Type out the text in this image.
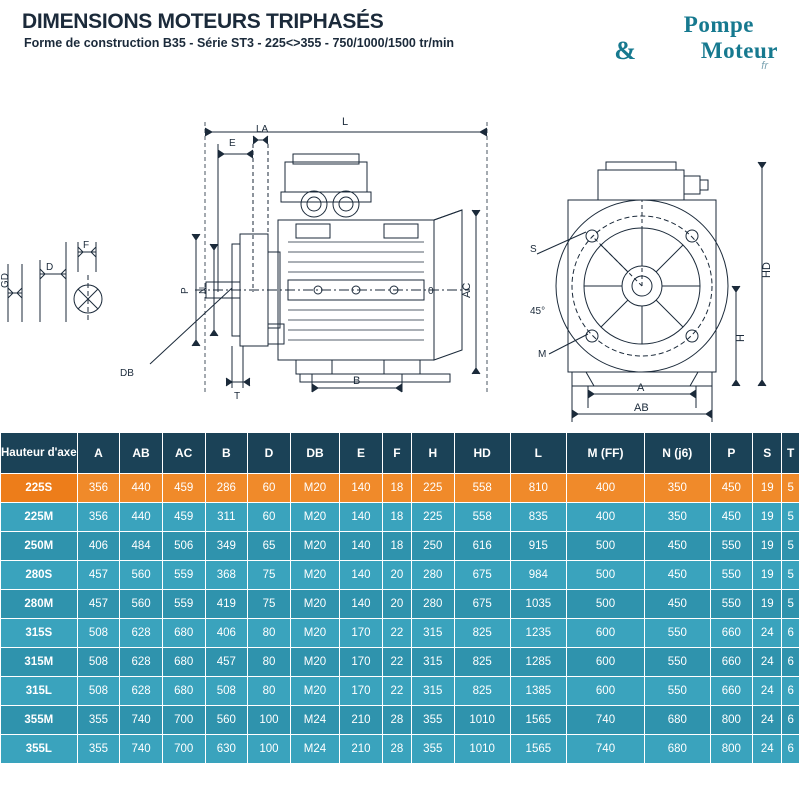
DIMENSIONS MOTEURS TRIPHASÉS
Forme de construction B35 - Série ST3 - 225<>355 - 750/1000/1500 tr/min
Pompe
&	Moteur
fr
GD
D
F
L
E
LA
0
P N
DB
T
B
AC
S
45°
M
HD
H
A
AB
Hauteur d'axe	A	AB	AC	B	D	DB	E	F	H	HD	L	M (FF)	N (j6)	P	S	T
225S	356	440	459	286	60	M20	140	18	225	558	810	400	350	450	19	5
225M	356	440	459	311	60	M20	140	18	225	558	835	400	350	450	19	5
250M	406	484	506	349	65	M20	140	18	250	616	915	500	450	550	19	5
280S	457	560	559	368	75	M20	140	20	280	675	984	500	450	550	19	5
280M	457	560	559	419	75	M20	140	20	280	675	1035	500	450	550	19	5
315S	508	628	680	406	80	M20	170	22	315	825	1235	600	550	660	24	6
315M	508	628	680	457	80	M20	170	22	315	825	1285	600	550	660	24	6
315L	508	628	680	508	80	M20	170	22	315	825	1385	600	550	660	24	6
355M	355	740	700	560	100	M24	210	28	355	1010	1565	740	680	800	24	6
355L	355	740	700	630	100	M24	210	28	355	1010	1565	740	680	800	24	6
